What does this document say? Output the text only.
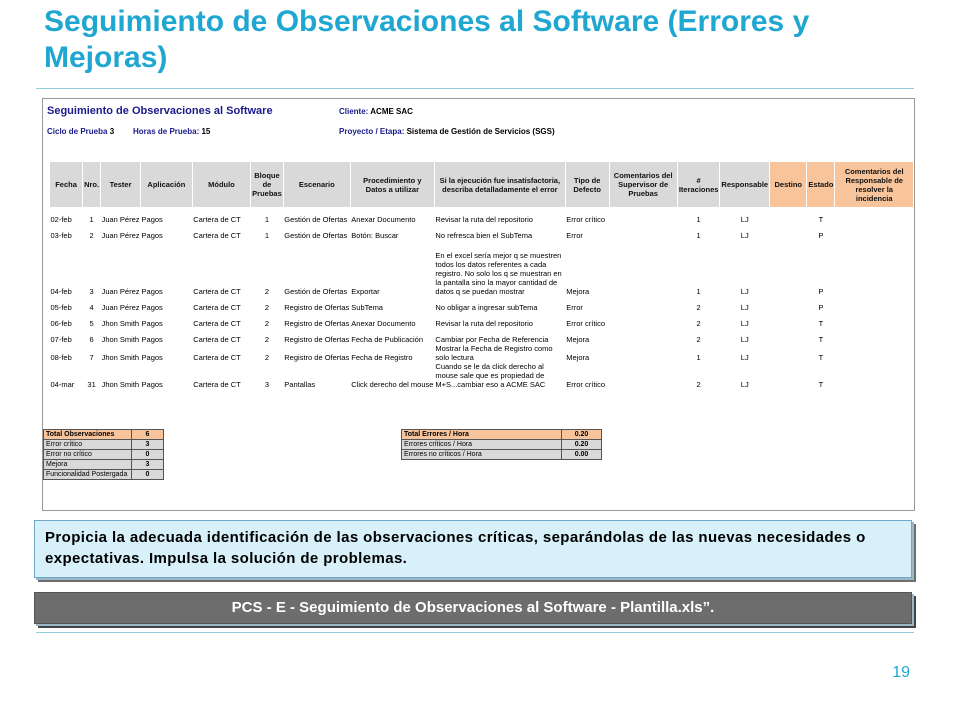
Seguimiento de Observaciones al Software (Errores y Mejoras)
Seguimiento de Observaciones al Software
Ciclo de Prueba 3 Horas de Prueba: 15
Cliente: ACME SAC
Proyecto / Etapa: Sistema de Gestión de Servicios (SGS)
Fecha	Nro.	Tester	Aplicación	Módulo	Bloque de Pruebas	Escenario	Procedimiento y Datos a utilizar	Si la ejecución fue insatisfactoria, describa detalladamente el error	Tipo de Defecto	Comentarios del Supervisor de Pruebas	# Iteraciones	Responsable	Destino	Estado	Comentarios del Responsable de resolver la incidencia
02-feb	1	Juan Pérez	Pagos	Cartera de CT	1	Gestión de Ofertas	Anexar Documento	Revisar la ruta del repositorio	Error crítico		1	LJ		T	
03-feb	2	Juan Pérez	Pagos	Cartera de CT	1	Gestión de Ofertas	Botón: Buscar	No refresca bien el SubTema	Error		1	LJ		P	
04-feb	3	Juan Pérez	Pagos	Cartera de CT	2	Gestión de Ofertas	Exportar	En el excel sería mejor q se muestren todos los datos referentes a cada registro. No solo los q se muestran en la pantalla sino la mayor cantidad de datos q se puedan mostrar	Mejora		1	LJ		P	
05-feb	4	Juan Pérez	Pagos	Cartera de CT	2	Registro de Ofertas	SubTema	No obligar a ingresar subTema	Error		2	LJ		P	
06-feb	5	Jhon Smith	Pagos	Cartera de CT	2	Registro de Ofertas	Anexar Documento	Revisar la ruta del repositorio	Error crítico		2	LJ		T	
07-feb	6	Jhon Smith	Pagos	Cartera de CT	2	Registro de Ofertas	Fecha de Publicación	Cambiar por Fecha de Referencia	Mejora		2	LJ		T	
08-feb	7	Jhon Smith	Pagos	Cartera de CT	2	Registro de Ofertas	Fecha de Registro	Mostrar la Fecha de Registro como solo lectura	Mejora		1	LJ		T	
04-mar	31	Jhon Smith	Pagos	Cartera de CT	3	Pantallas	Click derecho del mouse	Cuando se le da click derecho al mouse sale que es propiedad de M+S...cambiar eso a ACME SAC	Error crítico		2	LJ		T	
Total Observaciones	6
Error crítico	3
Error no crítico	0
Mejora	3
Funcionalidad Postergada	0
Total Errores / Hora	0.20
Errores críticos / Hora	0.20
Errores no críticos / Hora	0.00
Propicia la adecuada identificación de las observaciones críticas, separándolas de las nuevas necesidades o expectativas. Impulsa la solución de problemas.
PCS - E - Seguimiento de Observaciones al Software - Plantilla.xls”.
19
